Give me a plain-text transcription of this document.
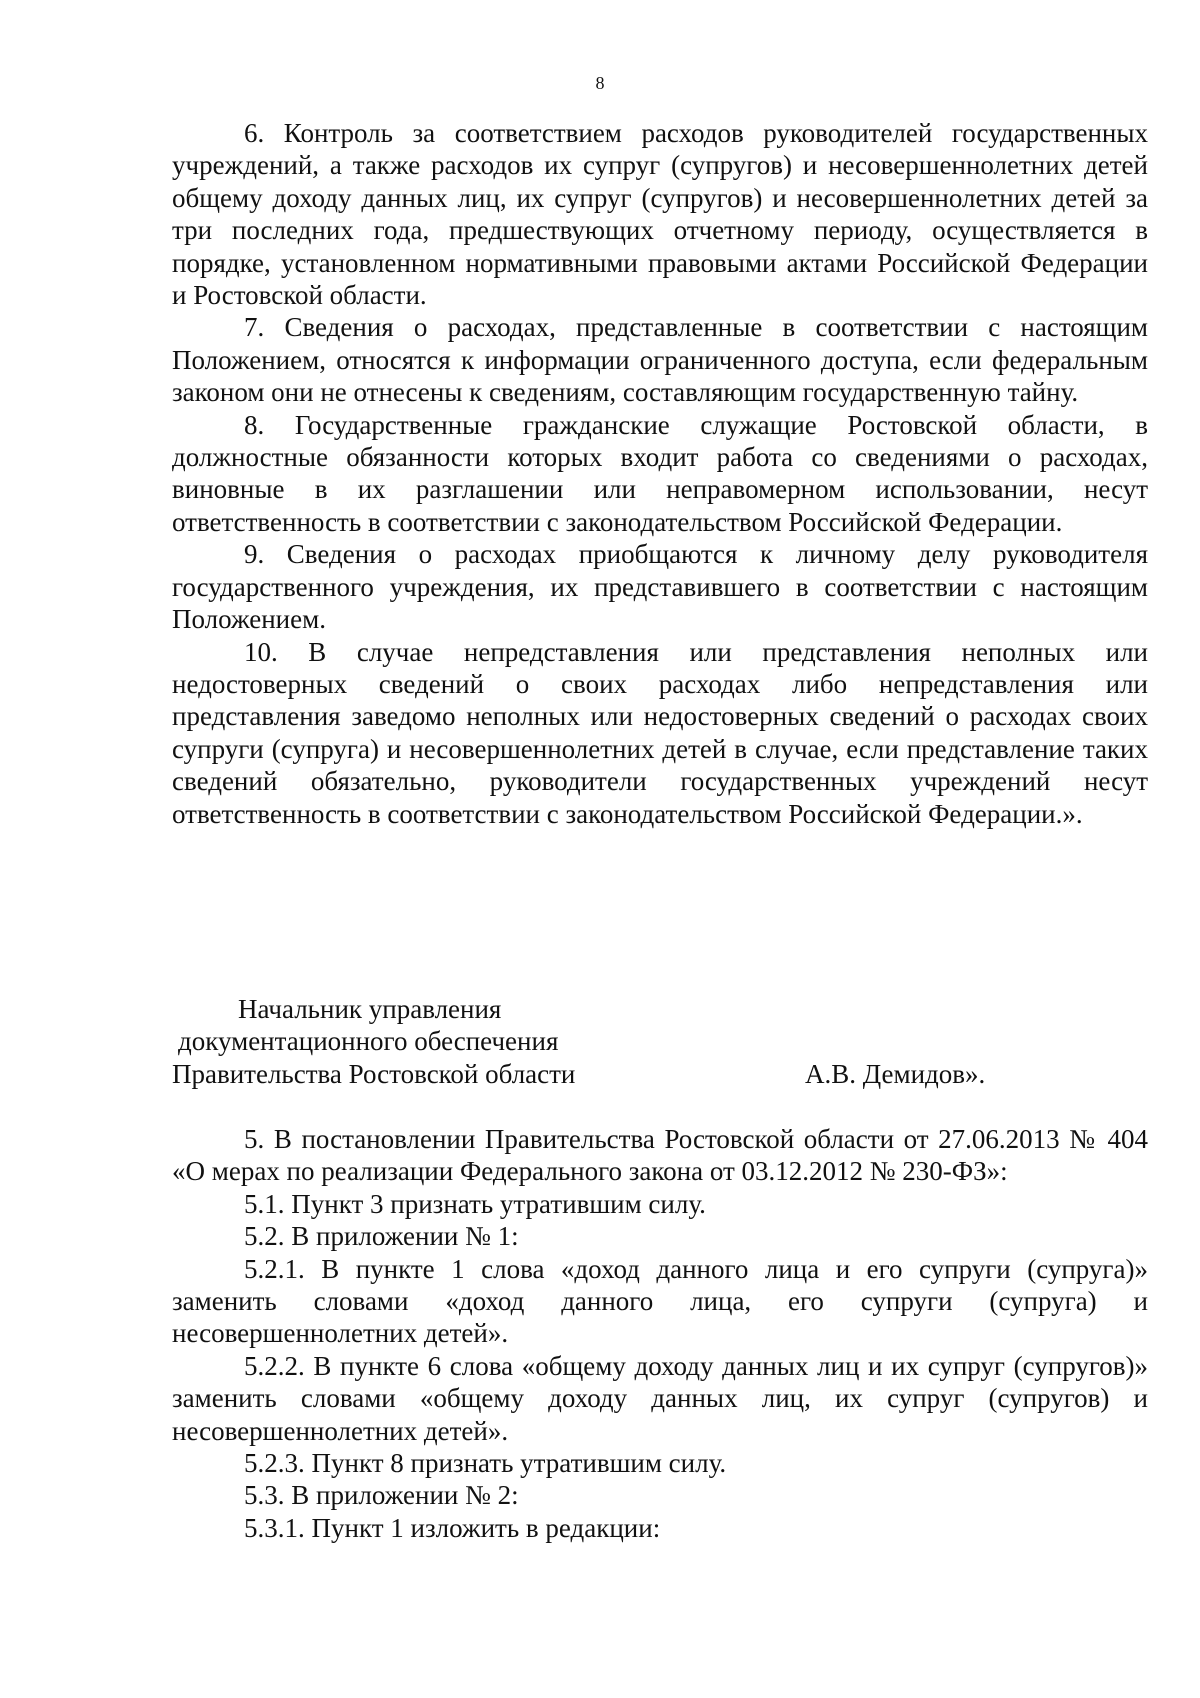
8

6. Контроль за соответствием расходов руководителей государственных учреждений, а также расходов их супруг (супругов) и несовершеннолетних детей общему доходу данных лиц, их супруг (супругов) и несовершеннолетних детей за три последних года, предшествующих отчетному периоду, осуществляется в порядке, установленном нормативными правовыми актами Российской Федерации и Ростовской области.

7. Сведения о расходах, представленные в соответствии с настоящим Положением, относятся к информации ограниченного доступа, если федеральным законом они не отнесены к сведениям, составляющим государственную тайну.

8. Государственные гражданские служащие Ростовской области, в должностные обязанности которых входит работа со сведениями о расходах, виновные в их разглашении или неправомерном использовании, несут ответственность в соответствии с законодательством Российской Федерации.

9. Сведения о расходах приобщаются к личному делу руководителя государственного учреждения, их представившего в соответствии с настоящим Положением.

10. В случае непредставления или представления неполных или недостоверных сведений о своих расходах либо непредставления или представления заведомо неполных или недостоверных сведений о расходах своих супруги (супруга) и несовершеннолетних детей в случае, если представление таких сведений обязательно, руководители государственных учреждений несут ответственность в соответствии с законодательством Российской Федерации.».

Начальник управления
документационного обеспечения
Правительства Ростовской области	А.В. Демидов».

5. В постановлении Правительства Ростовской области от 27.06.2013 № 404 «О мерах по реализации Федерального закона от 03.12.2012 № 230-ФЗ»:

5.1. Пункт 3 признать утратившим силу.

5.2. В приложении № 1:

5.2.1. В пункте 1 слова «доход данного лица и его супруги (супруга)» заменить словами «доход данного лица, его супруги (супруга) и несовершеннолетних детей».

5.2.2. В пункте 6 слова «общему доходу данных лиц и их супруг (супругов)» заменить словами «общему доходу данных лиц, их супруг (супругов) и несовершеннолетних детей».

5.2.3. Пункт 8 признать утратившим силу.

5.3. В приложении № 2:

5.3.1. Пункт 1 изложить в редакции:
